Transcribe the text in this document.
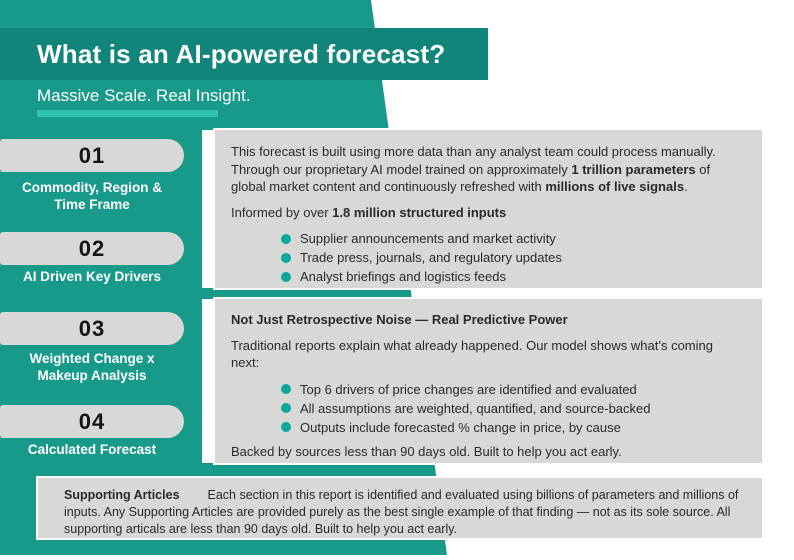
What is an AI-powered forecast?
Massive Scale. Real Insight.
01
Commodity, Region & Time Frame
02
AI Driven Key Drivers
03
Weighted Change x Makeup Analysis
04
Calculated Forecast

This forecast is built using more data than any analyst team could process manually. Through our proprietary AI model trained on approximately 1 trillion parameters of global market content and continuously refreshed with millions of live signals.

Informed by over 1.8 million structured inputs

Supplier announcements and market activity
Trade press, journals, and regulatory updates
Analyst briefings and logistics feeds

Not Just Retrospective Noise — Real Predictive Power

Traditional reports explain what already happened. Our model shows what’s coming next:

Top 6 drivers of price changes are identified and evaluated
All assumptions are weighted, quantified, and source-backed
Outputs include forecasted % change in price, by cause

Backed by sources less than 90 days old. Built to help you act early.

Supporting Articles Each section in this report is identified and evaluated using billions of parameters and millions of inputs. Any Supporting Articles are provided purely as the best single example of that finding — not as its sole source. All supporting articals are less than 90 days old. Built to help you act early.
